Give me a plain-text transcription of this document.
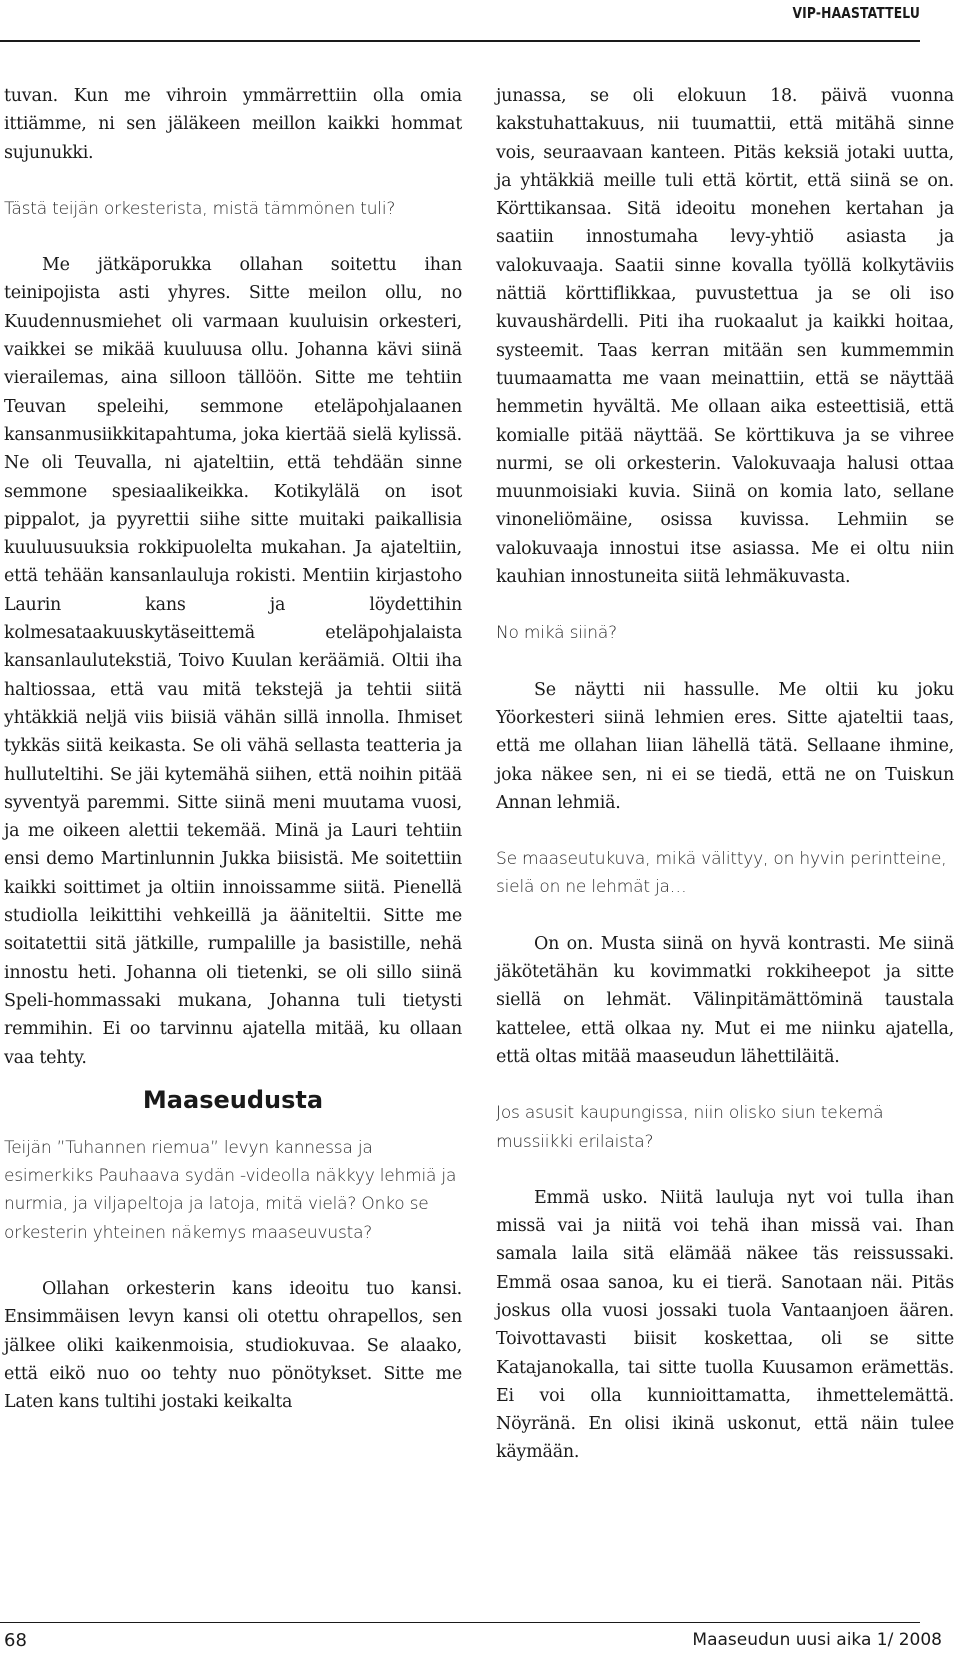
VIP-HAASTATTELU

tuvan. Kun me vihroin ymmärrettiin olla omia ittiämme, ni sen jäläkeen meillon kaikki hommat sujunukki.

Tästä teijän orkesterista, mistä tämmönen tuli?

Me jätkäporukka ollahan soitettu ihan teinipojista asti yhyres. Sitte meilon ollu, no Kuudennusmiehet oli varmaan kuuluisin orkesteri, vaikkei se mikää kuuluusa ollu. Johanna kävi siinä vierailemas, aina silloon tällöön. Sitte me tehtiin Teuvan speleihi, semmone eteläpohjalaanen kansanmusiikkitapahtuma, joka kiertää sielä kylissä. Ne oli Teuvalla, ni ajateltiin, että tehdään sinne semmone spesiaalikeikka. Kotikylälä on isot pippalot, ja pyyrettii siihe sitte muitaki paikallisia kuuluusuuksia rokkipuolelta mukahan. Ja ajateltiin, että tehään kansanlauluja rokisti. Mentiin kirjastoho Laurin kans ja löydettihin kolmesataakuuskytäseittemä eteläpohjalaista kansanlaulutekstiä, Toivo Kuulan keräämiä. Oltii iha haltiossaa, että vau mitä tekstejä ja tehtii siitä yhtäkkiä neljä viis biisiä vähän sillä innolla. Ihmiset tykkäs siitä keikasta. Se oli vähä sellasta teatteria ja hulluteltihi. Se jäi kytemähä siihen, että noihin pitää syventyä paremmi. Sitte siinä meni muutama vuosi, ja me oikeen alettii tekemää. Minä ja Lauri tehtiin ensi demo Martinlunnin Jukka biisistä. Me soitettiin kaikki soittimet ja oltiin innoissamme siitä. Pienellä studiolla leikittihi vehkeillä ja ääniteltii. Sitte me soitatettii sitä jätkille, rumpalille ja basistille, nehä innostu heti. Johanna oli tietenki, se oli sillo siinä Speli-hommassaki mukana, Johanna tuli tietysti remmihin. Ei oo tarvinnu ajatella mitää, ku ollaan vaa tehty.

Maaseudusta

Teijän ”Tuhannen riemua” levyn kannessa ja esimerkiks Pauhaava sydän -videolla näkkyy lehmiä ja nurmia, ja viljapeltoja ja latoja, mitä vielä? Onko se orkesterin yhteinen näkemys maaseuvusta?

Ollahan orkesterin kans ideoitu tuo kansi. Ensimmäisen levyn kansi oli otettu ohrapellos, sen jälkee oliki kaikenmoisia, studiokuvaa. Se alaako, että eikö nuo oo tehty nuo pönötykset. Sitte me Laten kans tultihi jostaki keikalta

junassa, se oli elokuun 18. päivä vuonna kakstuhattakuus, nii tuumattii, että mitähä sinne vois, seuraavaan kanteen. Pitäs keksiä jotaki uutta, ja yhtäkkiä meille tuli että körtit, että siinä se on. Körttikansaa. Sitä ideoitu monehen kertahan ja saatiin innostumaha levy-yhtiö asiasta ja valokuvaaja. Saatii sinne kovalla työllä kolkytäviis nättiä körttiflikkaa, puvustettua ja se oli iso kuvaushärdelli. Piti iha ruokaalut ja kaikki hoitaa, systeemit. Taas kerran mitään sen kummemmin tuumaamatta me vaan meinattiin, että se näyttää hemmetin hyvältä. Me ollaan aika esteettisiä, että komialle pitää näyttää. Se körttikuva ja se vihree nurmi, se oli orkesterin. Valokuvaaja halusi ottaa muunmoisiaki kuvia. Siinä on komia lato, sellane vinoneliömäine, osissa kuvissa. Lehmiin se valokuvaaja innostui itse asiassa. Me ei oltu niin kauhian innostuneita siitä lehmäkuvasta.

No mikä siinä?

Se näytti nii hassulle. Me oltii ku joku Yöorkesteri siinä lehmien eres. Sitte ajateltii taas, että me ollahan liian lähellä tätä. Sellaane ihmine, joka näkee sen, ni ei se tiedä, että ne on Tuiskun Annan lehmiä.

Se maaseutukuva, mikä välittyy, on hyvin perintteine, sielä on ne lehmät ja…

On on. Musta siinä on hyvä kontrasti. Me siinä jäkötetähän ku kovimmatki rokkiheepot ja sitte siellä on lehmät. Välinpitämättöminä taustala kattelee, että olkaa ny. Mut ei me niinku ajatella, että oltas mitää maaseudun lähettiläitä.

Jos asusit kaupungissa, niin olisko siun tekemä mussiikki erilaista?

Emmä usko. Niitä lauluja nyt voi tulla ihan missä vai ja niitä voi tehä ihan missä vai. Ihan samala laila sitä elämää näkee täs reissussaki. Emmä osaa sanoa, ku ei tierä. Sanotaan näi. Pitäs joskus olla vuosi jossaki tuola Vantaanjoen äären. Toivottavasti biisit koskettaa, oli se sitte Katajanokalla, tai sitte tuolla Kuusamon erämettäs. Ei voi olla kunnioittamatta, ihmettelemättä. Nöyränä. En olisi ikinä uskonut, että näin tulee käymään.

68	Maaseudun uusi aika 1/ 2008
